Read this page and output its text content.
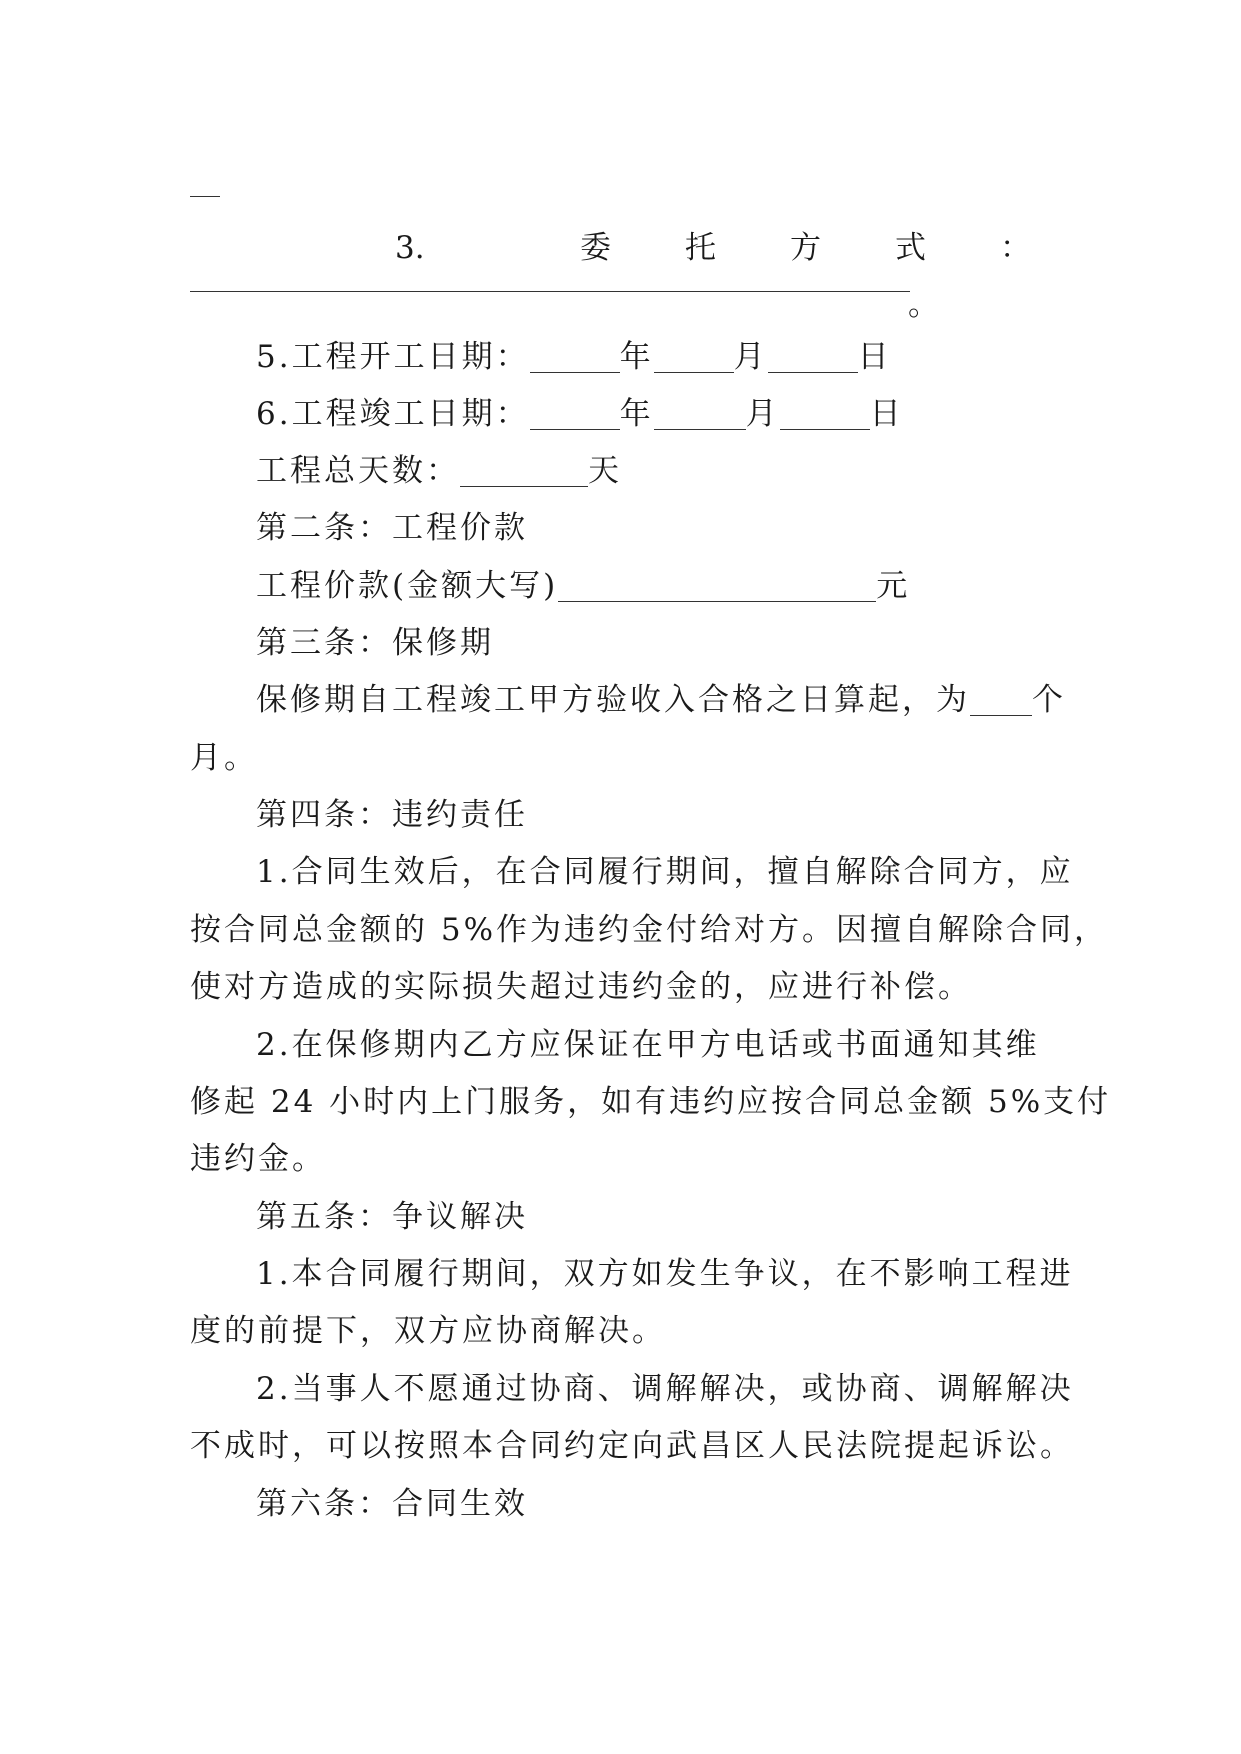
3.	委 托 方 式 ：
。
5.工程开工日期：	年	月	日
6.工程竣工日期：	年	月	日
工程总天数：	天
第二条：工程价款
工程价款(金额大写)	元
第三条：保修期
保修期自工程竣工甲方验收入合格之日算起，为 个
月。
第四条：违约责任
1.合同生效后，在合同履行期间，擅自解除合同方，应
按合同总金额的 5%作为违约金付给对方。因擅自解除合同，
使对方造成的实际损失超过违约金的，应进行补偿。
2.在保修期内乙方应保证在甲方电话或书面通知其维
修起 24 小时内上门服务，如有违约应按合同总金额 5%支付
违约金。
第五条：争议解决
1.本合同履行期间，双方如发生争议，在不影响工程进
度的前提下，双方应协商解决。
2.当事人不愿通过协商、调解解决，或协商、调解解决
不成时，可以按照本合同约定向武昌区人民法院提起诉讼。
第六条：合同生效
